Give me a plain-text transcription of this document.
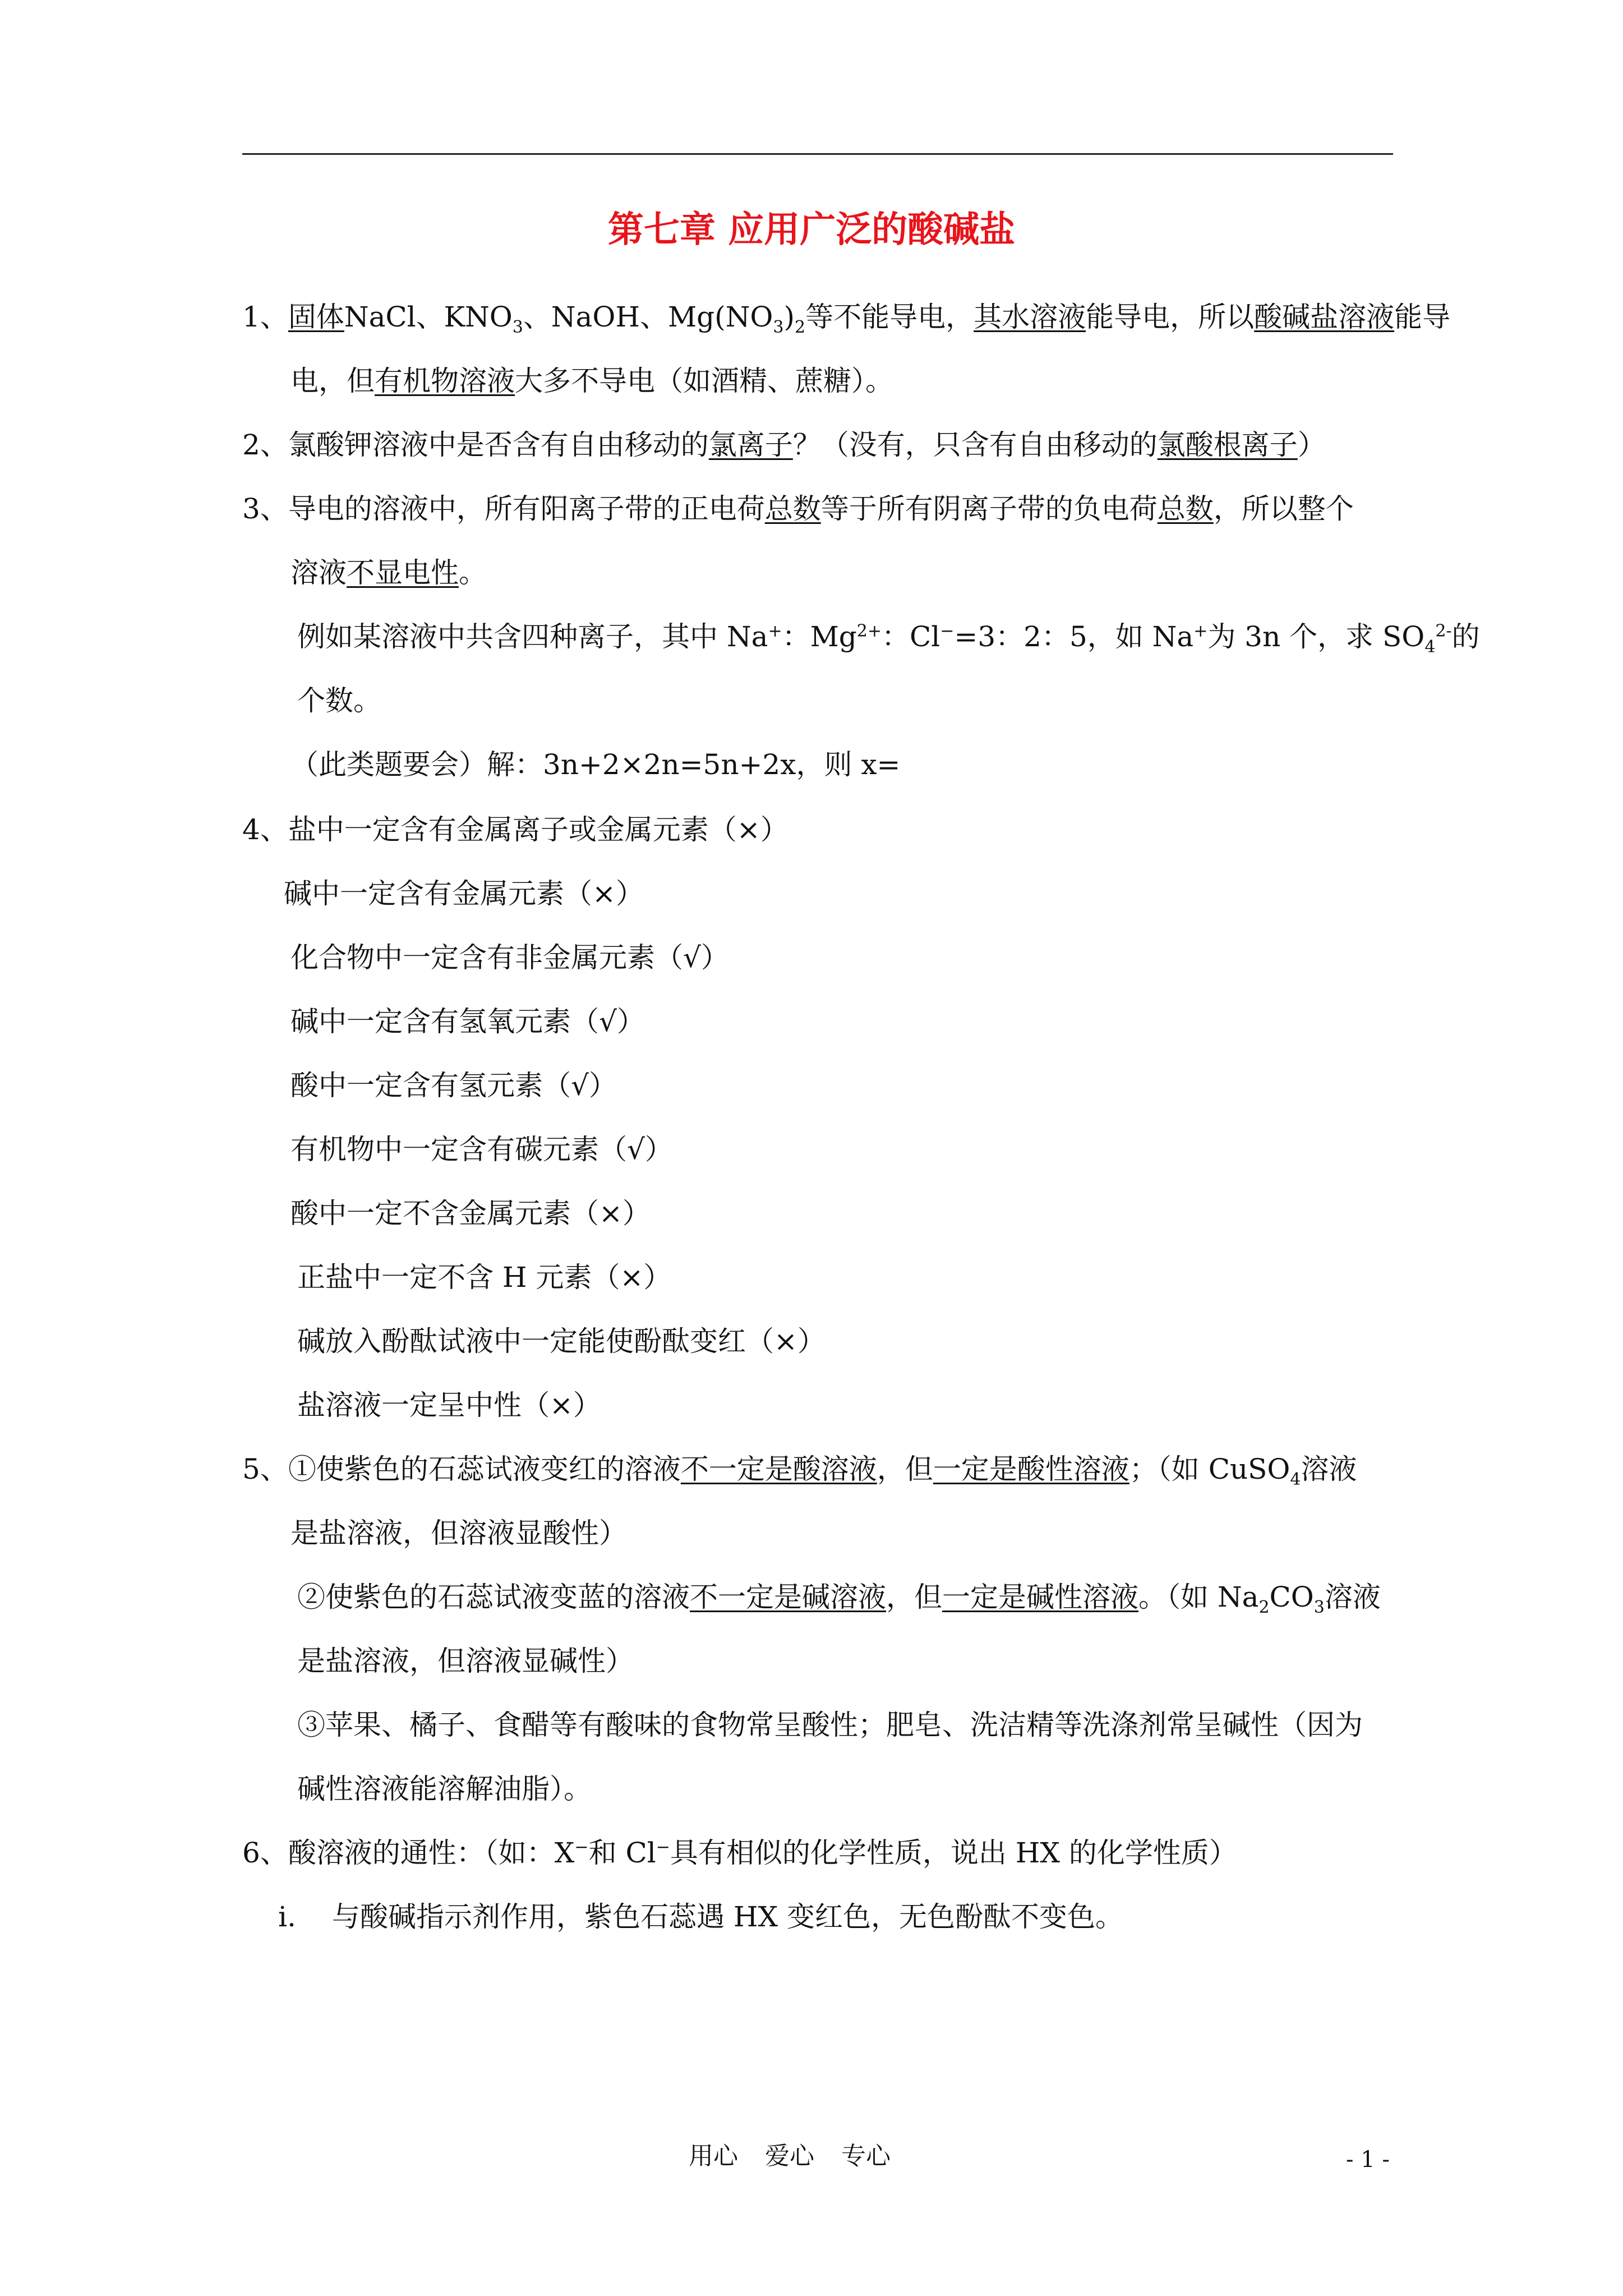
第七章 应用广泛的酸碱盐
1、固体NaCl、$KNO_3$、NaOH、$Mg(NO_3)_2$等不能导电，其水溶液能导电，所以酸碱盐溶液能导
电，但有机物溶液大多不导电（如酒精、蔗糖）。
2、氯酸钾溶液中是否含有自由移动的氯离子？（没有，只含有自由移动的氯酸根离子）
3、导电的溶液中，所有阳离子带的正电荷总数等于所有阴离子带的负电荷总数，所以整个
溶液不显电性。
例如某溶液中共含四种离子，其中 Na+：$Mg^{2+}$：Cl−=3：2：5，如 Na+为 3n 个，求 $SO_4^{2-}$的
个数。
（此类题要会）解：3n+2×2n=5n+2x，则 x=
4、盐中一定含有金属离子或金属元素（×）
碱中一定含有金属元素（×）
化合物中一定含有非金属元素（√）
碱中一定含有氢氧元素（√）
酸中一定含有氢元素（√）
有机物中一定含有碳元素（√）
酸中一定不含金属元素（×）
正盐中一定不含 H 元素（×）
碱放入酚酞试液中一定能使酚酞变红（×）
盐溶液一定呈中性（×）
5、①使紫色的石蕊试液变红的溶液不一定是酸溶液，但一定是酸性溶液；（如 CuSO$_4$溶液
是盐溶液，但溶液显酸性）
②使紫色的石蕊试液变蓝的溶液不一定是碱溶液，但一定是碱性溶液。（如 $Na_2CO_3$溶液
是盐溶液，但溶液显碱性）
③苹果、橘子、食醋等有酸味的食物常呈酸性；肥皂、洗洁精等洗涤剂常呈碱性（因为
碱性溶液能溶解油脂）。
6、酸溶液的通性：（如：X−和 Cl−具有相似的化学性质，说出 HX 的化学性质）
i. 与酸碱指示剂作用，紫色石蕊遇 HX 变红色，无色酚酞不变色。
用心 爱心 专心	- 1 -
